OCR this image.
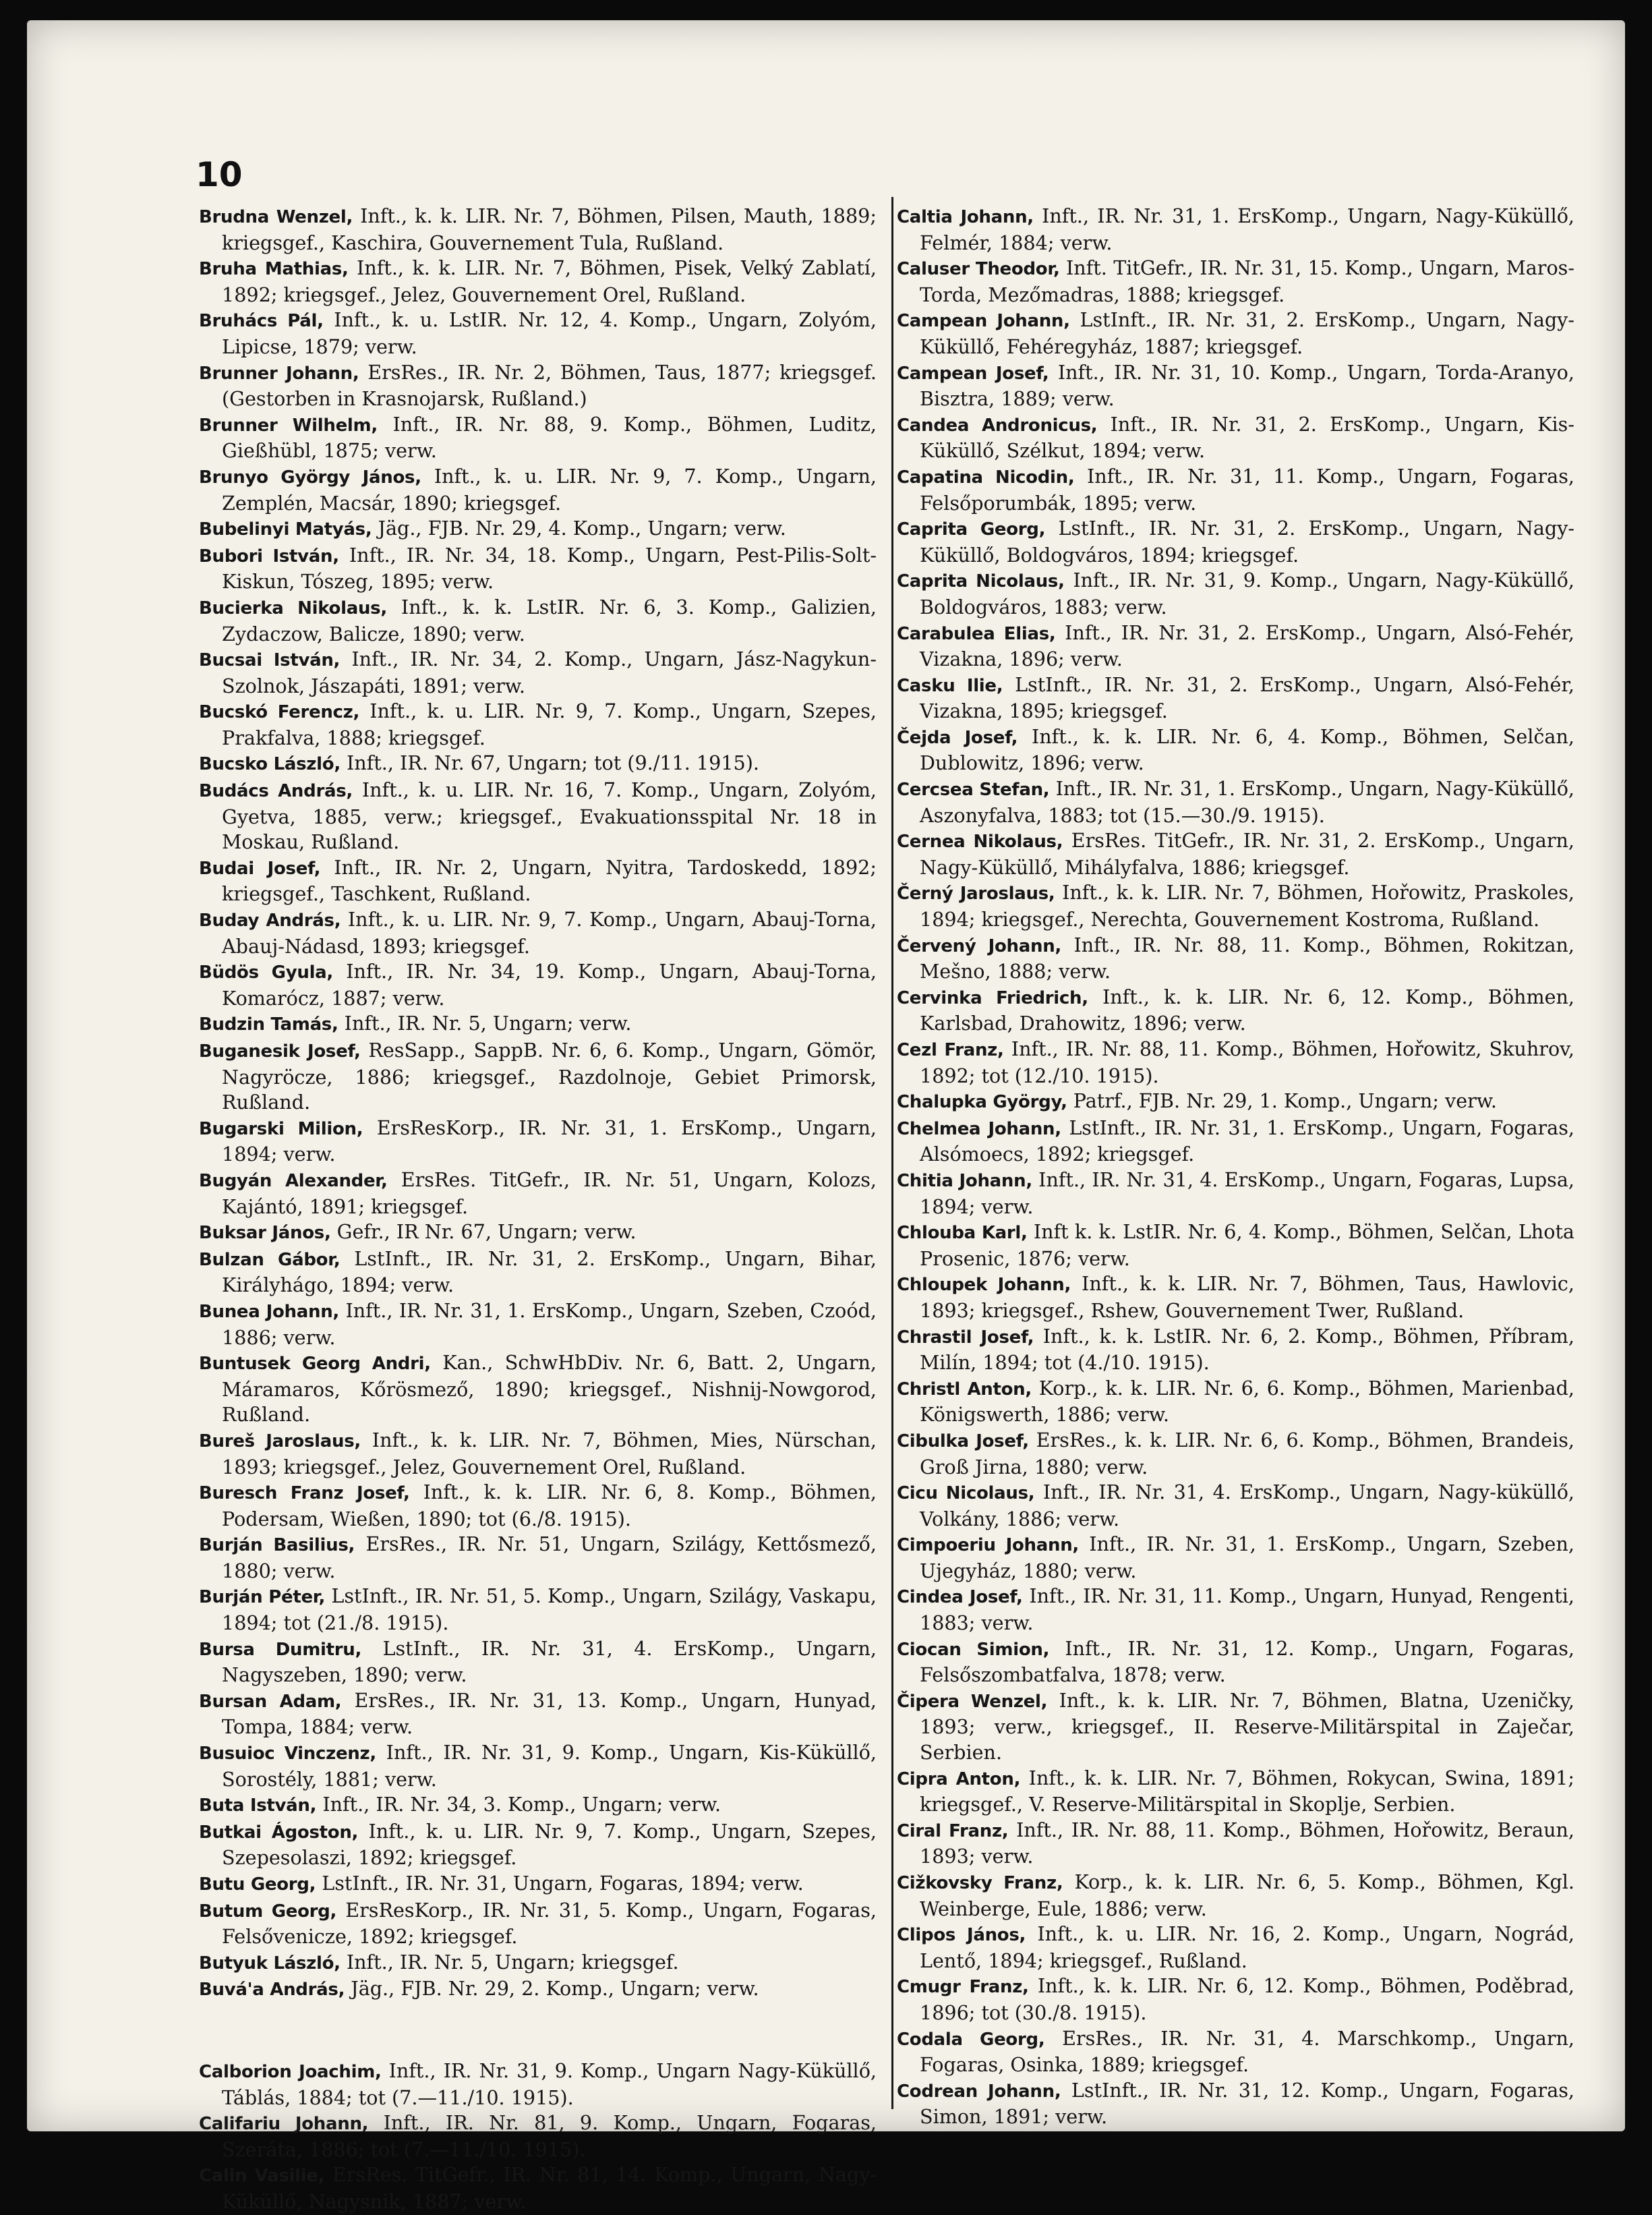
10

Brudna Wenzel, Inft., k. k. LIR. Nr. 7, Böhmen, Pilsen, Mauth, 1889; kriegsgef., Kaschira, Gouvernement Tula, Rußland.

Bruha Mathias, Inft., k. k. LIR. Nr. 7, Böhmen, Pisek, Velký Zablatí, 1892; kriegsgef., Jelez, Gouvernement Orel, Rußland.

Bruhács Pál, Inft., k. u. LstIR. Nr. 12, 4. Komp., Ungarn, Zolyóm, Lipicse, 1879; verw.

Brunner Johann, ErsRes., IR. Nr. 2, Böhmen, Taus, 1877; kriegsgef. (Gestorben in Krasnojarsk, Rußland.)

Brunner Wilhelm, Inft., IR. Nr. 88, 9. Komp., Böhmen, Luditz, Gießhübl, 1875; verw.

Brunyo György János, Inft., k. u. LIR. Nr. 9, 7. Komp., Ungarn, Zemplén, Macsár, 1890; kriegsgef.

Bubelinyi Matyás, Jäg., FJB. Nr. 29, 4. Komp., Ungarn; verw.

Bubori István, Inft., IR. Nr. 34, 18. Komp., Ungarn, Pest-Pilis-Solt-Kiskun, Tószeg, 1895; verw.

Bucierka Nikolaus, Inft., k. k. LstIR. Nr. 6, 3. Komp., Galizien, Zydaczow, Balicze, 1890; verw.

Bucsai István, Inft., IR. Nr. 34, 2. Komp., Ungarn, Jász-Nagykun-Szolnok, Jászapáti, 1891; verw.

Bucskó Ferencz, Inft., k. u. LIR. Nr. 9, 7. Komp., Ungarn, Szepes, Prakfalva, 1888; kriegsgef.

Bucsko László, Inft., IR. Nr. 67, Ungarn; tot (9./11. 1915).

Budács András, Inft., k. u. LIR. Nr. 16, 7. Komp., Ungarn, Zolyóm, Gyetva, 1885, verw.; kriegsgef., Evakuationsspital Nr. 18 in Moskau, Rußland.

Budai Josef, Inft., IR. Nr. 2, Ungarn, Nyitra, Tardoskedd, 1892; kriegsgef., Taschkent, Rußland.

Buday András, Inft., k. u. LIR. Nr. 9, 7. Komp., Ungarn, Abauj-Torna, Abauj-Nádasd, 1893; kriegsgef.

Büdös Gyula, Inft., IR. Nr. 34, 19. Komp., Ungarn, Abauj-Torna, Komarócz, 1887; verw.

Budzin Tamás, Inft., IR. Nr. 5, Ungarn; verw.

Buganesik Josef, ResSapp., SappB. Nr. 6, 6. Komp., Ungarn, Gömör, Nagyröcze, 1886; kriegsgef., Razdolnoje, Gebiet Primorsk, Rußland.

Bugarski Milion, ErsResKorp., IR. Nr. 31, 1. ErsKomp., Ungarn, 1894; verw.

Bugyán Alexander, ErsRes. TitGefr., IR. Nr. 51, Ungarn, Kolozs, Kajántó, 1891; kriegsgef.

Buksar János, Gefr., IR Nr. 67, Ungarn; verw.

Bulzan Gábor, LstInft., IR. Nr. 31, 2. ErsKomp., Ungarn, Bihar, Királyhágo, 1894; verw.

Bunea Johann, Inft., IR. Nr. 31, 1. ErsKomp., Ungarn, Szeben, Czoód, 1886; verw.

Buntusek Georg Andri, Kan., SchwHbDiv. Nr. 6, Batt. 2, Ungarn, Máramaros, Kőrösmező, 1890; kriegsgef., Nishnij-Nowgorod, Rußland.

Bureš Jaroslaus, Inft., k. k. LIR. Nr. 7, Böhmen, Mies, Nürschan, 1893; kriegsgef., Jelez, Gouvernement Orel, Rußland.

Buresch Franz Josef, Inft., k. k. LIR. Nr. 6, 8. Komp., Böhmen, Podersam, Wießen, 1890; tot (6./8. 1915).

Burján Basilius, ErsRes., IR. Nr. 51, Ungarn, Szilágy, Kettősmező, 1880; verw.

Burján Péter, LstInft., IR. Nr. 51, 5. Komp., Ungarn, Szilágy, Vaskapu, 1894; tot (21./8. 1915).

Bursa Dumitru, LstInft., IR. Nr. 31, 4. ErsKomp., Ungarn, Nagyszeben, 1890; verw.

Bursan Adam, ErsRes., IR. Nr. 31, 13. Komp., Ungarn, Hunyad, Tompa, 1884; verw.

Busuioc Vinczenz, Inft., IR. Nr. 31, 9. Komp., Ungarn, Kis-Küküllő, Sorostély, 1881; verw.

Buta István, Inft., IR. Nr. 34, 3. Komp., Ungarn; verw.

Butkai Ágoston, Inft., k. u. LIR. Nr. 9, 7. Komp., Ungarn, Szepes, Szepesolaszi, 1892; kriegsgef.

Butu Georg, LstInft., IR. Nr. 31, Ungarn, Fogaras, 1894; verw.

Butum Georg, ErsResKorp., IR. Nr. 31, 5. Komp., Ungarn, Fogaras, Felsővenicze, 1892; kriegsgef.

Butyuk László, Inft., IR. Nr. 5, Ungarn; kriegsgef.

Buvá'a András, Jäg., FJB. Nr. 29, 2. Komp., Ungarn; verw.

Calborion Joachim, Inft., IR. Nr. 31, 9. Komp., Ungarn Nagy-Küküllő, Táblás, 1884; tot (7.—11./10. 1915).

Califariu Johann, Inft., IR. Nr. 81, 9. Komp., Ungarn, Fogaras, Szeráta, 1886; tot (7.—11./10. 1915).

Calin Vasilie, ErsRes. TitGefr., IR. Nr. 81, 14. Komp., Ungarn, Nagy-Küküllő, Nagysnik, 1887; verw.

Caltia Johann, Inft., IR. Nr. 31, 1. ErsKomp., Ungarn, Nagy-Küküllő, Felmér, 1884; verw.

Caluser Theodor, Inft. TitGefr., IR. Nr. 31, 15. Komp., Ungarn, Maros-Torda, Mezőmadras, 1888; kriegsgef.

Campean Johann, LstInft., IR. Nr. 31, 2. ErsKomp., Ungarn, Nagy-Küküllő, Fehéregyház, 1887; kriegsgef.

Campean Josef, Inft., IR. Nr. 31, 10. Komp., Ungarn, Torda-Aranyo, Bisztra, 1889; verw.

Candea Andronicus, Inft., IR. Nr. 31, 2. ErsKomp., Ungarn, Kis-Küküllő, Szélkut, 1894; verw.

Capatina Nicodin, Inft., IR. Nr. 31, 11. Komp., Ungarn, Fogaras, Felsőporumbák, 1895; verw.

Caprita Georg, LstInft., IR. Nr. 31, 2. ErsKomp., Ungarn, Nagy-Küküllő, Boldogváros, 1894; kriegsgef.

Caprita Nicolaus, Inft., IR. Nr. 31, 9. Komp., Ungarn, Nagy-Küküllő, Boldogváros, 1883; verw.

Carabulea Elias, Inft., IR. Nr. 31, 2. ErsKomp., Ungarn, Alsó-Fehér, Vizakna, 1896; verw.

Casku Ilie, LstInft., IR. Nr. 31, 2. ErsKomp., Ungarn, Alsó-Fehér, Vizakna, 1895; kriegsgef.

Čejda Josef, Inft., k. k. LIR. Nr. 6, 4. Komp., Böhmen, Selčan, Dublowitz, 1896; verw.

Cercsea Stefan, Inft., IR. Nr. 31, 1. ErsKomp., Ungarn, Nagy-Küküllő, Aszonyfalva, 1883; tot (15.—30./9. 1915).

Cernea Nikolaus, ErsRes. TitGefr., IR. Nr. 31, 2. ErsKomp., Ungarn, Nagy-Küküllő, Mihályfalva, 1886; kriegsgef.

Černý Jaroslaus, Inft., k. k. LIR. Nr. 7, Böhmen, Hořowitz, Praskoles, 1894; kriegsgef., Nerechta, Gouvernement Kostroma, Rußland.

Červený Johann, Inft., IR. Nr. 88, 11. Komp., Böhmen, Rokitzan, Mešno, 1888; verw.

Cervinka Friedrich, Inft., k. k. LIR. Nr. 6, 12. Komp., Böhmen, Karlsbad, Drahowitz, 1896; verw.

Cezl Franz, Inft., IR. Nr. 88, 11. Komp., Böhmen, Hořowitz, Skuhrov, 1892; tot (12./10. 1915).

Chalupka György, Patrf., FJB. Nr. 29, 1. Komp., Ungarn; verw.

Chelmea Johann, LstInft., IR. Nr. 31, 1. ErsKomp., Ungarn, Fogaras, Alsómoecs, 1892; kriegsgef.

Chitia Johann, Inft., IR. Nr. 31, 4. ErsKomp., Ungarn, Fogaras, Lupsa, 1894; verw.

Chlouba Karl, Inft k. k. LstIR. Nr. 6, 4. Komp., Böhmen, Selčan, Lhota Prosenic, 1876; verw.

Chloupek Johann, Inft., k. k. LIR. Nr. 7, Böhmen, Taus, Hawlovic, 1893; kriegsgef., Rshew, Gouvernement Twer, Rußland.

Chrastil Josef, Inft., k. k. LstIR. Nr. 6, 2. Komp., Böhmen, Příbram, Milín, 1894; tot (4./10. 1915).

Christl Anton, Korp., k. k. LIR. Nr. 6, 6. Komp., Böhmen, Marienbad, Königswerth, 1886; verw.

Cibulka Josef, ErsRes., k. k. LIR. Nr. 6, 6. Komp., Böhmen, Brandeis, Groß Jirna, 1880; verw.

Cicu Nicolaus, Inft., IR. Nr. 31, 4. ErsKomp., Ungarn, Nagy-küküllő, Volkány, 1886; verw.

Cimpoeriu Johann, Inft., IR. Nr. 31, 1. ErsKomp., Ungarn, Szeben, Ujegyház, 1880; verw.

Cindea Josef, Inft., IR. Nr. 31, 11. Komp., Ungarn, Hunyad, Rengenti, 1883; verw.

Ciocan Simion, Inft., IR. Nr. 31, 12. Komp., Ungarn, Fogaras, Felsőszombatfalva, 1878; verw.

Čipera Wenzel, Inft., k. k. LIR. Nr. 7, Böhmen, Blatna, Uzeničky, 1893; verw., kriegsgef., II. Reserve-Militärspital in Zaječar, Serbien.

Cipra Anton, Inft., k. k. LIR. Nr. 7, Böhmen, Rokycan, Swina, 1891; kriegsgef., V. Reserve-Militärspital in Skoplje, Serbien.

Ciral Franz, Inft., IR. Nr. 88, 11. Komp., Böhmen, Hořowitz, Beraun, 1893; verw.

Cižkovsky Franz, Korp., k. k. LIR. Nr. 6, 5. Komp., Böhmen, Kgl. Weinberge, Eule, 1886; verw.

Clipos János, Inft., k. u. LIR. Nr. 16, 2. Komp., Ungarn, Nográd, Lentő, 1894; kriegsgef., Rußland.

Cmugr Franz, Inft., k. k. LIR. Nr. 6, 12. Komp., Böhmen, Poděbrad, 1896; tot (30./8. 1915).

Codala Georg, ErsRes., IR. Nr. 31, 4. Marschkomp., Ungarn, Fogaras, Osinka, 1889; kriegsgef.

Codrean Johann, LstInft., IR. Nr. 31, 12. Komp., Ungarn, Fogaras, Simon, 1891; verw.
